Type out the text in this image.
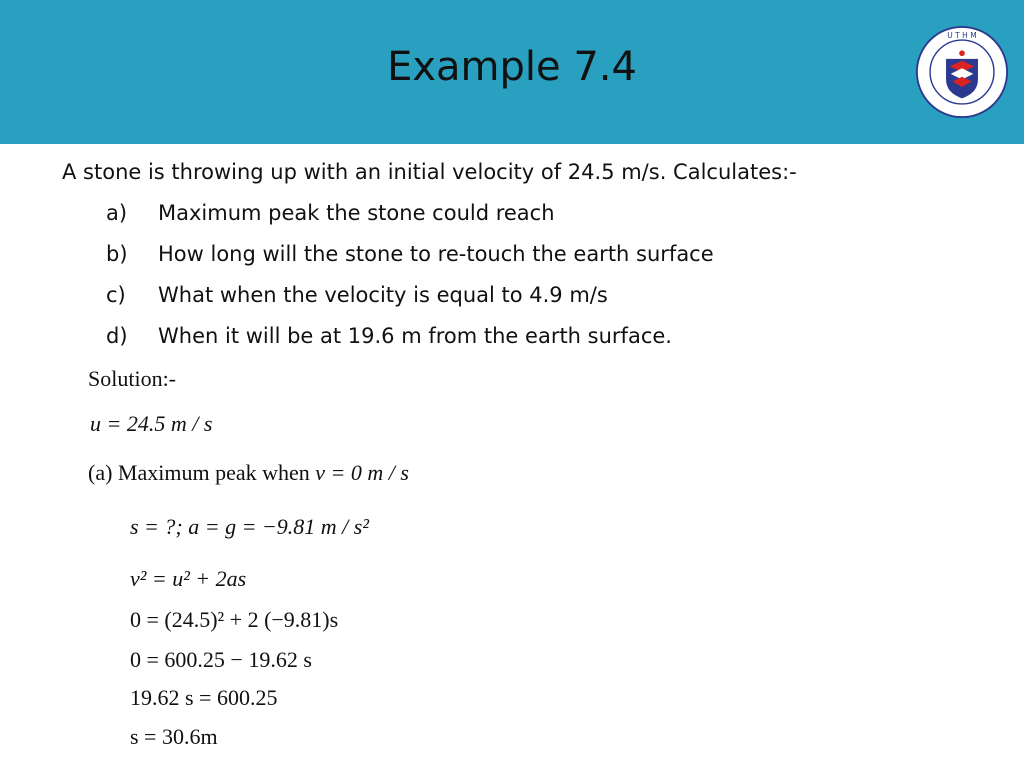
Example 7.4
U T H M
A stone is throwing up with an initial velocity of 24.5 m/s. Calculates:-
a)	Maximum peak the stone could reach
b)	How long will the stone to re-touch the earth surface
c)	What when the velocity is equal to 4.9 m/s
d)	When it will be at 19.6 m from the earth surface.
Solution:-
u = 24.5 m / s
(a) Maximum peak when v = 0 m / s
s = ?; a = g = −9.81 m / s²
v² = u² + 2as
0 = (24.5)² + 2 (−9.81)s
0 = 600.25 − 19.62 s
19.62 s = 600.25
s = 30.6m
